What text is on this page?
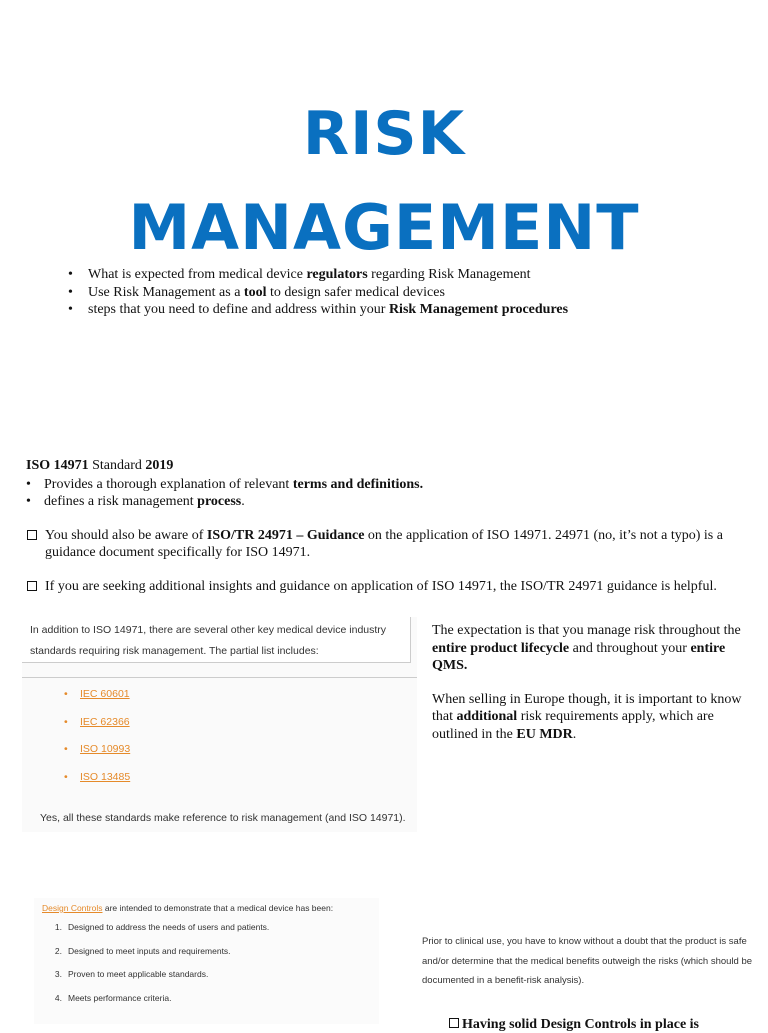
RISK
MANAGEMENT
• What is expected from medical device regulators regarding Risk Management
• Use Risk Management as a tool to design safer medical devices
• steps that you need to define and address within your Risk Management procedures
ISO 14971 Standard 2019
• Provides a thorough explanation of relevant terms and definitions.
• defines a risk management process.
You should also be aware of ISO/TR 24971 – Guidance on the application of ISO 14971. 24971 (no, it’s not a typo) is a guidance document specifically for ISO 14971.
If you are seeking additional insights and guidance on application of ISO 14971, the ISO/TR 24971 guidance is helpful.
In addition to ISO 14971, there are several other key medical device industry standards requiring risk management. The partial list includes:
• IEC 60601
• IEC 62366
• ISO 10993
• ISO 13485
Yes, all these standards make reference to risk management (and ISO 14971).

The expectation is that you manage risk throughout the entire product lifecycle and throughout your entire QMS.

When selling in Europe though, it is important to know that additional risk requirements apply, which are outlined in the EU MDR.

Design Controls are intended to demonstrate that a medical device has been:
1 . Designed to address the needs of users and patients.
2 . Designed to meet inputs and requirements.
3 . Proven to meet applicable standards.
4 . Meets performance criteria.
Prior to clinical use, you have to know without a doubt that the product is safe and/or determine that the medical benefits outweigh the risks (which should be documented in a benefit-risk analysis).
Having solid Design Controls in place is
